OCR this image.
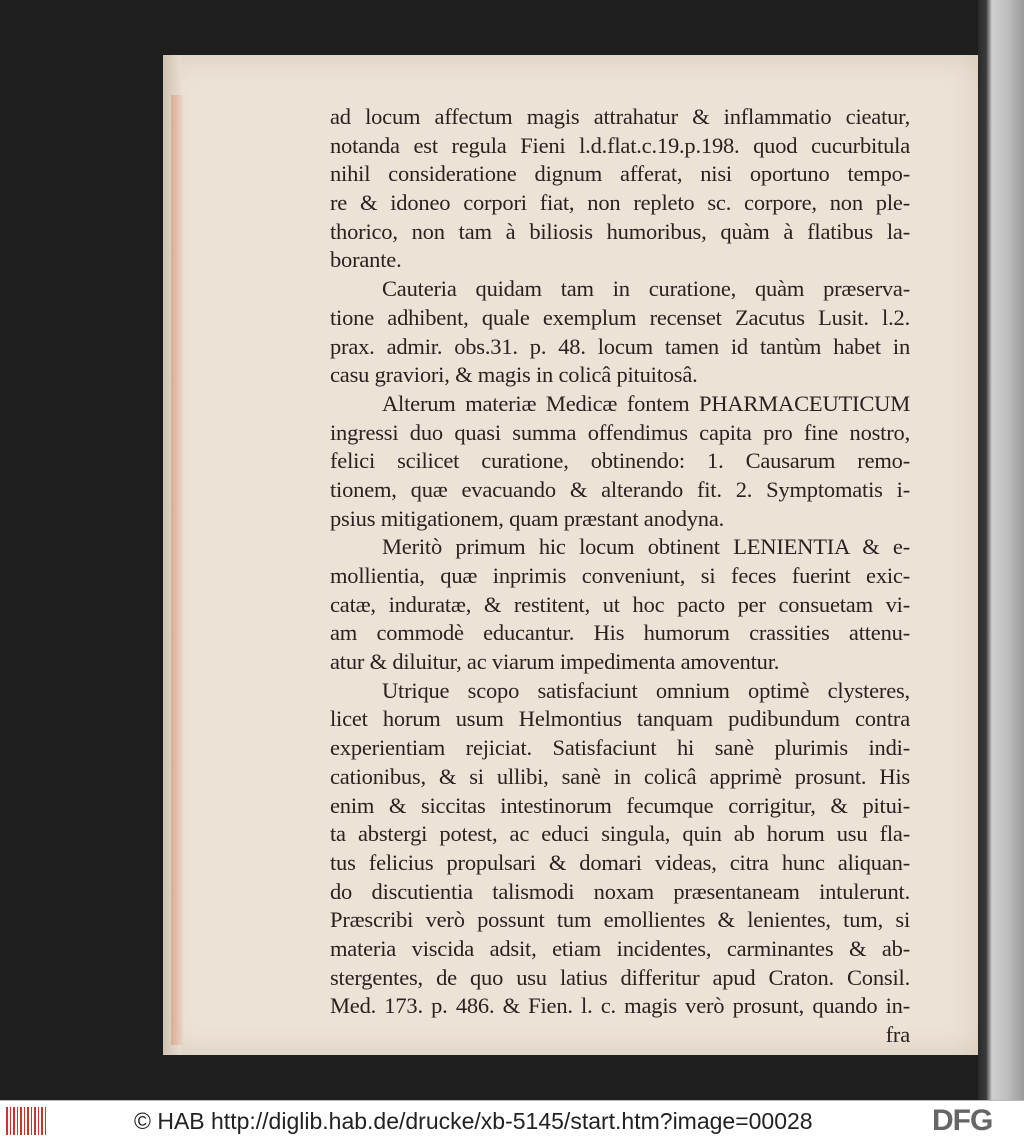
ad locum affectum magis attrahatur & inflammatio cieatur,
notanda est regula Fieni l.d.flat.c.19.p.198. quod cucurbitula
nihil consideratione dignum afferat, nisi oportuno tempo-
re & idoneo corpori fiat, non repleto sc. corpore, non ple-
thorico, non tam à biliosis humoribus, quàm à flatibus la-
borante.
Cauteria quidam tam in curatione, quàm præserva-
tione adhibent, quale exemplum recenset Zacutus Lusit. l.2.
prax. admir. obs.31. p. 48. locum tamen id tantùm habet in
casu graviori, & magis in colicâ pituitosâ.
Alterum materiæ Medicæ fontem PHARMACEUTICUM
ingressi duo quasi summa offendimus capita pro fine nostro,
felici scilicet curatione, obtinendo: 1. Causarum remo-
tionem, quæ evacuando & alterando fit. 2. Symptomatis i-
psius mitigationem, quam præstant anodyna.
Meritò primum hic locum obtinent LENIENTIA & e-
mollientia, quæ inprimis conveniunt, si feces fuerint exic-
catæ, induratæ, & restitent, ut hoc pacto per consuetam vi-
am commodè educantur. His humorum crassities attenu-
atur & diluitur, ac viarum impedimenta amoventur.
Utrique scopo satisfaciunt omnium optimè clysteres,
licet horum usum Helmontius tanquam pudibundum contra
experientiam rejiciat. Satisfaciunt hi sanè plurimis indi-
cationibus, & si ullibi, sanè in colicâ apprimè prosunt. His
enim & siccitas intestinorum fecumque corrigitur, & pitui-
ta abstergi potest, ac educi singula, quin ab horum usu fla-
tus felicius propulsari & domari videas, citra hunc aliquan-
do discutientia talismodi noxam præsentaneam intulerunt.
Præscribi verò possunt tum emollientes & lenientes, tum, si
materia viscida adsit, etiam incidentes, carminantes & ab-
stergentes, de quo usu latius differitur apud Craton. Consil.
Med. 173. p. 486. & Fien. l. c. magis verò prosunt, quando in-
fra
© HAB http://diglib.hab.de/drucke/xb-5145/start.htm?image=00028	DFG
